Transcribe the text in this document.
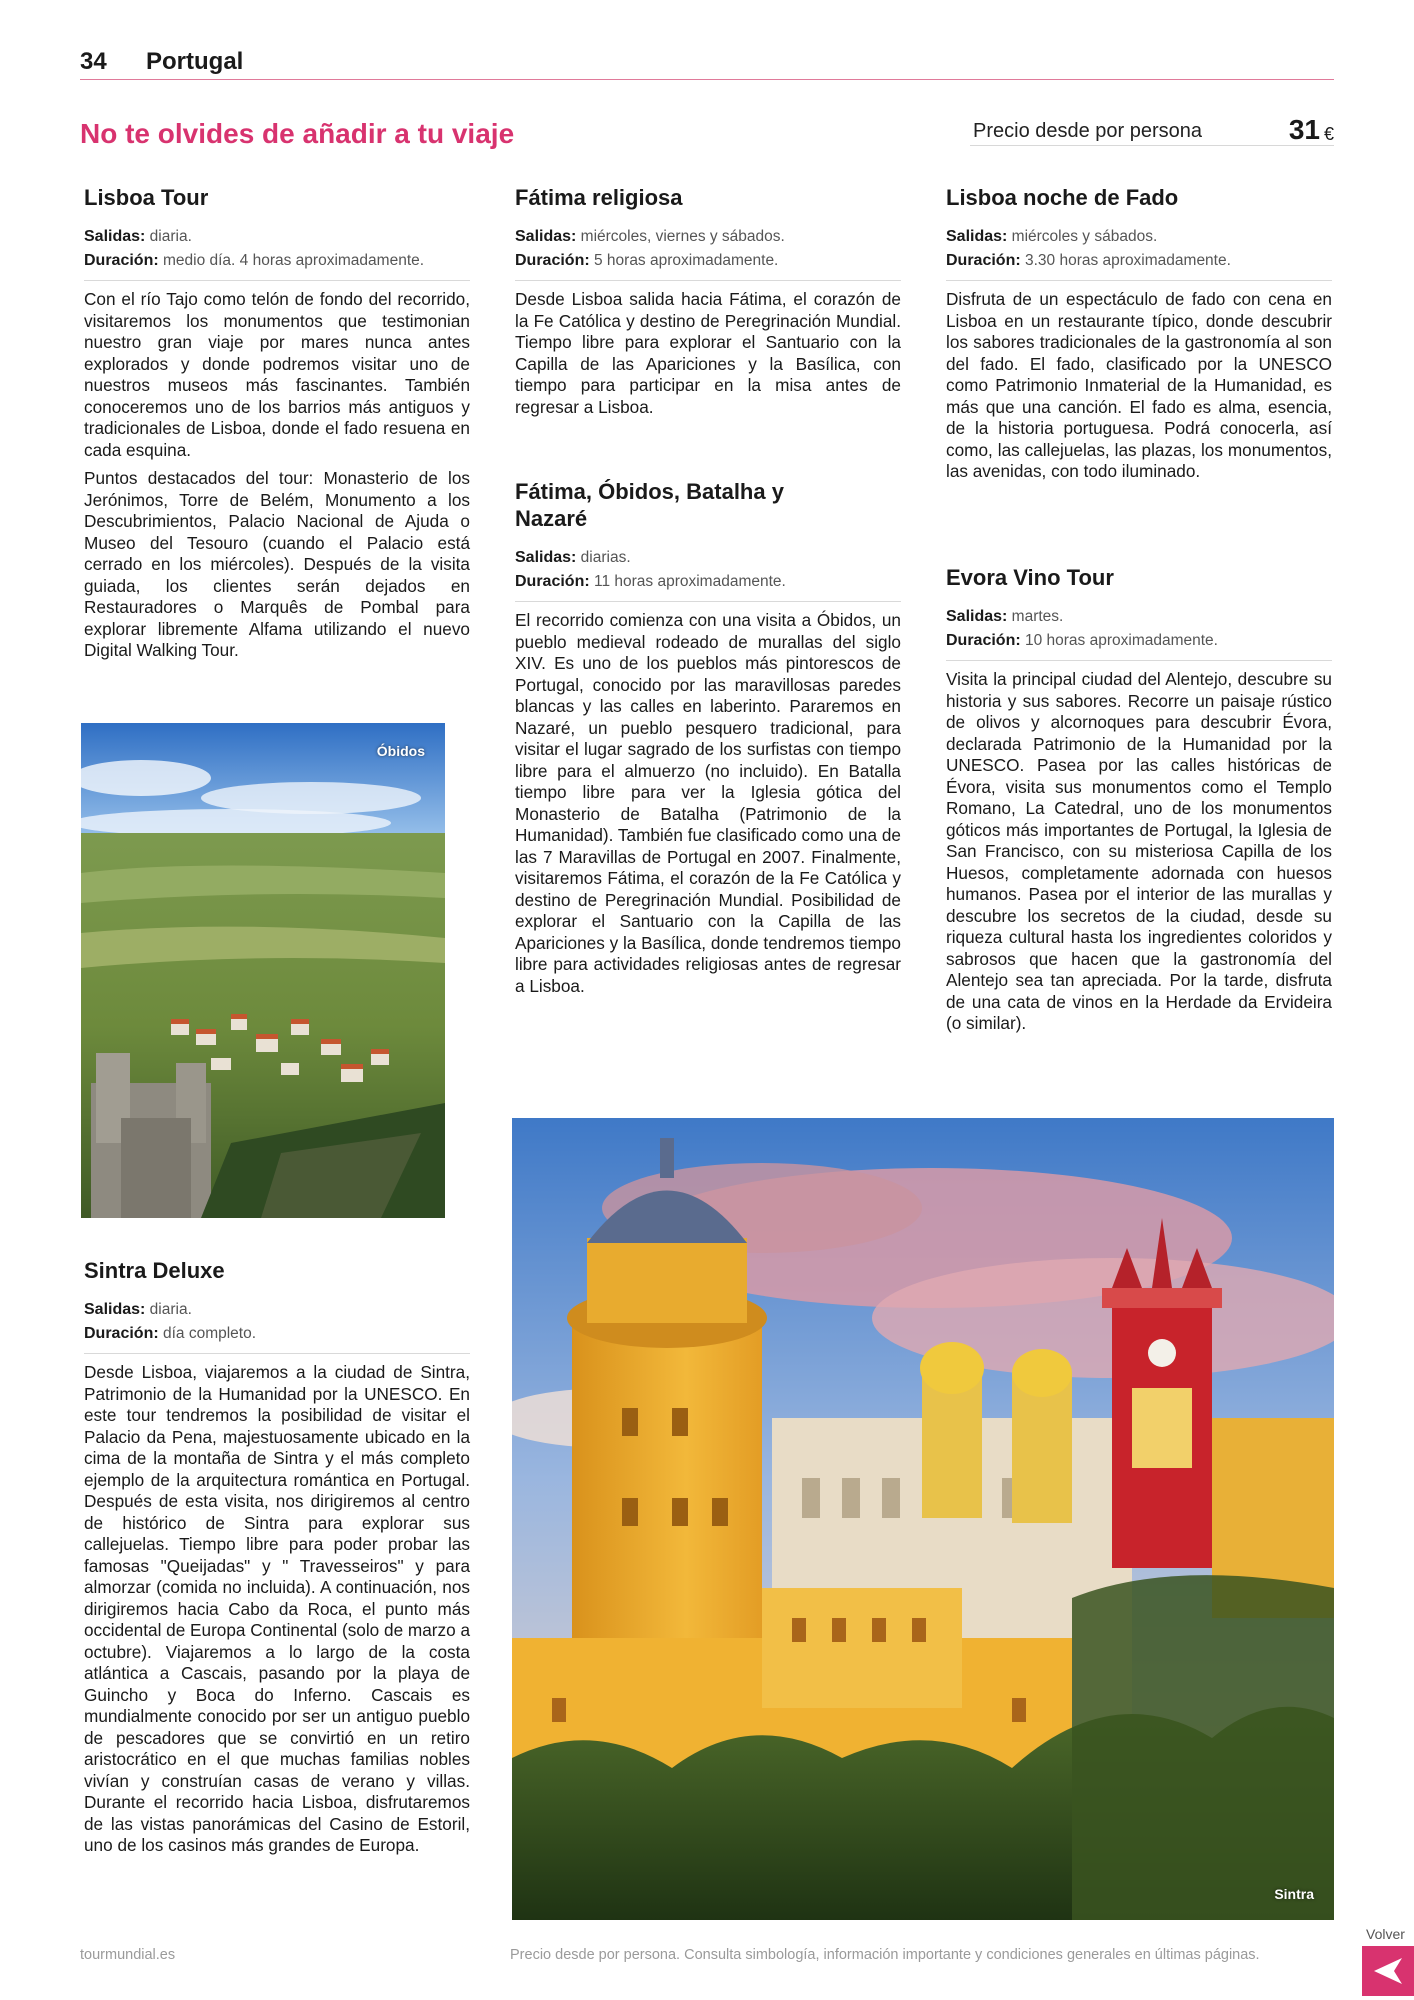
34 Portugal
No te olvides de añadir a tu viaje	Precio desde por persona	31 €
Lisboa Tour
Salidas: diaria.
Duración: medio día. 4 horas aproximadamente.

Con el río Tajo como telón de fondo del recorrido, visitaremos los monumentos que testimonian nuestro gran viaje por mares nunca antes explorados y donde podremos visitar uno de nuestros museos más fascinantes. También conoceremos uno de los barrios más antiguos y tradicionales de Lisboa, donde el fado resuena en cada esquina.

Puntos destacados del tour: Monasterio de los Jerónimos, Torre de Belém, Monumento a los Descubrimientos, Palacio Nacional de Ajuda o Museo del Tesouro (cuando el Palacio está cerrado en los miércoles). Después de la visita guiada, los clientes serán dejados en Restauradores o Marquês de Pombal para explorar libremente Alfama utilizando el nuevo Digital Walking Tour.

Fátima religiosa
Salidas: miércoles, viernes y sábados.
Duración: 5 horas aproximadamente.

Desde Lisboa salida hacia Fátima, el corazón de la Fe Católica y destino de Peregrinación Mundial. Tiempo libre para explorar el Santuario con la Capilla de las Apariciones y la Basílica, con tiempo para participar en la misa antes de regresar a Lisboa.

Fátima, Óbidos, Batalha y Nazaré
Salidas: diarias.
Duración: 11 horas aproximadamente.

El recorrido comienza con una visita a Óbidos, un pueblo medieval rodeado de murallas del siglo XIV. Es uno de los pueblos más pintorescos de Portugal, conocido por las maravillosas paredes blancas y las calles en laberinto. Pararemos en Nazaré, un pueblo pesquero tradicional, para visitar el lugar sagrado de los surfistas con tiempo libre para el almuerzo (no incluido). En Batalla tiempo libre para ver la Iglesia gótica del Monasterio de Batalha (Patrimonio de la Humanidad). También fue clasificado como una de las 7 Maravillas de Portugal en 2007. Finalmente, visitaremos Fátima, el corazón de la Fe Católica y destino de Peregrinación Mundial. Posibilidad de explorar el Santuario con la Capilla de las Apariciones y la Basílica, donde tendremos tiempo libre para actividades religiosas antes de regresar a Lisboa.

Lisboa noche de Fado
Salidas: miércoles y sábados.
Duración: 3.30 horas aproximadamente.

Disfruta de un espectáculo de fado con cena en Lisboa en un restaurante típico, donde descubrir los sabores tradicionales de la gastronomía al son del fado. El fado, clasificado por la UNESCO como Patrimonio Inmaterial de la Humanidad, es más que una canción. El fado es alma, esencia, de la historia portuguesa. Podrá conocerla, así como, las callejuelas, las plazas, los monumentos, las avenidas, con todo iluminado.

Evora Vino Tour
Salidas: martes.
Duración: 10 horas aproximadamente.

Visita la principal ciudad del Alentejo, descubre su historia y sus sabores. Recorre un paisaje rústico de olivos y alcornoques para descubrir Évora, declarada Patrimonio de la Humanidad por la UNESCO. Pasea por las calles históricas de Évora, visita sus monumentos como el Templo Romano, La Catedral, uno de los monumentos góticos más importantes de Portugal, la Iglesia de San Francisco, con su misteriosa Capilla de los Huesos, completamente adornada con huesos humanos. Pasea por el interior de las murallas y descubre los secretos de la ciudad, desde su riqueza cultural hasta los ingredientes coloridos y sabrosos que hacen que la gastronomía del Alentejo sea tan apreciada. Por la tarde, disfruta de una cata de vinos en la Herdade da Ervideira (o similar).

Sintra Deluxe
Salidas: diaria.
Duración: día completo.

Desde Lisboa, viajaremos a la ciudad de Sintra, Patrimonio de la Humanidad por la UNESCO. En este tour tendremos la posibilidad de visitar el Palacio da Pena, majestuosamente ubicado en la cima de la montaña de Sintra y el más completo ejemplo de la arquitectura romántica en Portugal. Después de esta visita, nos dirigiremos al centro de histórico de Sintra para explorar sus callejuelas. Tiempo libre para poder probar las famosas "Queijadas" y " Travesseiros" y para almorzar (comida no incluida). A continuación, nos dirigiremos hacia Cabo da Roca, el punto más occidental de Europa Continental (solo de marzo a octubre). Viajaremos a lo largo de la costa atlántica a Cascais, pasando por la playa de Guincho y Boca do Inferno. Cascais es mundialmente conocido por ser un antiguo pueblo de pescadores que se convirtió en un retiro aristocrático en el que muchas familias nobles vivían y construían casas de verano y villas. Durante el recorrido hacia Lisboa, disfrutaremos de las vistas panorámicas del Casino de Estoril, uno de los casinos más grandes de Europa.

Óbidos
Sintra
tourmundial.es	Precio desde por persona. Consulta simbología, información importante y condiciones generales en últimas páginas.
Volver
